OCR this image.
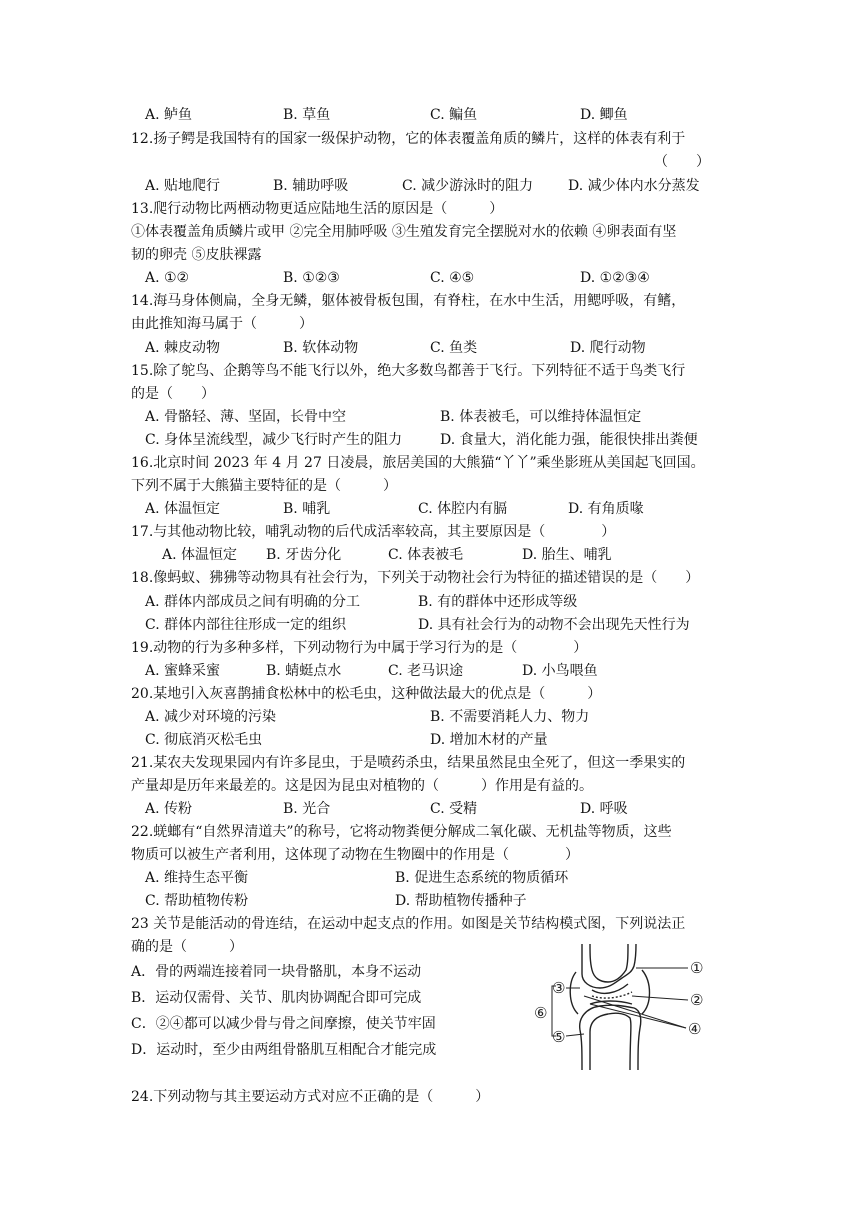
A. 鲈鱼	B. 草鱼	C. 鳊鱼	D. 鲫鱼
12.扬子鳄是我国特有的国家一级保护动物，它的体表覆盖角质的鳞片，这样的体表有利于
（　　）
A. 贴地爬行	B. 辅助呼吸	C. 减少游泳时的阻力 D. 减少体内水分蒸发
13.爬行动物比两栖动物更适应陆地生活的原因是（　　　）
①体表覆盖角质鳞片或甲 ②完全用肺呼吸 ③生殖发育完全摆脱对水的依赖 ④卵表面有坚
韧的卵壳 ⑤皮肤裸露
A. ①②	B. ①②③	C. ④⑤	D. ①②③④
14.海马身体侧扁，全身无鳞，躯体被骨板包围，有脊柱，在水中生活，用鳃呼吸，有鳍，
由此推知海马属于（　　　）
A. 棘皮动物	B. 软体动物	C. 鱼类	D. 爬行动物
15.除了鸵鸟、企鹅等鸟不能飞行以外，绝大多数鸟都善于飞行。下列特征不适于鸟类飞行
的是（　　）
A. 骨骼轻、薄、坚固，长骨中空	B. 体表被毛，可以维持体温恒定
C. 身体呈流线型，减少飞行时产生的阻力	D. 食量大，消化能力强，能很快排出粪便
16.北京时间 2023 年 4 月 27 日凌晨，旅居美国的大熊猫“丫丫”乘坐影班从美国起飞回国。
下列不属于大熊猫主要特征的是（　　　）
A. 体温恒定	B. 哺乳	C. 体腔内有膈	D. 有角质喙
17.与其他动物比较，哺乳动物的后代成活率较高，其主要原因是（　　　　）
A. 体温恒定 B. 牙齿分化	C. 体表被毛	D. 胎生、哺乳
18.像蚂蚁、狒狒等动物具有社会行为，下列关于动物社会行为特征的描述错误的是（　　）
A. 群体内部成员之间有明确的分工	B. 有的群体中还形成等级
C. 群体内部往往形成一定的组织	D. 具有社会行为的动物不会出现先天性行为
19.动物的行为多种多样，下列动物行为中属于学习行为的是（　　　　）
A. 蜜蜂采蜜	B. 蜻蜓点水	C. 老马识途	D. 小鸟喂鱼
20.某地引入灰喜鹊捕食松林中的松毛虫，这种做法最大的优点是（　　　）
A. 减少对环境的污染	B. 不需要消耗人力、物力
C. 彻底消灭松毛虫	D. 增加木材的产量
21.某农夫发现果园内有许多昆虫，于是喷药杀虫，结果虽然昆虫全死了，但这一季果实的
产量却是历年来最差的。这是因为昆虫对植物的（　　　）作用是有益的。
A. 传粉	B. 光合	C. 受精	D. 呼吸
22.蜣螂有“自然界清道夫”的称号，它将动物粪便分解成二氧化碳、无机盐等物质，这些
物质可以被生产者利用，这体现了动物在生物圈中的作用是（　　　　）
A. 维持生态平衡	B. 促进生态系统的物质循环
C. 帮助植物传粉	D. 帮助植物传播种子
23 关节是能活动的骨连结，在运动中起支点的作用。如图是关节结构模式图，下列说法正
确的是（　　　）
A．骨的两端连接着同一块骨骼肌，本身不运动
B．运动仅需骨、关节、肌肉协调配合即可完成
C．②④都可以减少骨与骨之间摩擦，使关节牢固
D．运动时，至少由两组骨骼肌互相配合才能完成
①
②
③
④
⑤
⑥
24.下列动物与其主要运动方式对应不正确的是（　　　）
